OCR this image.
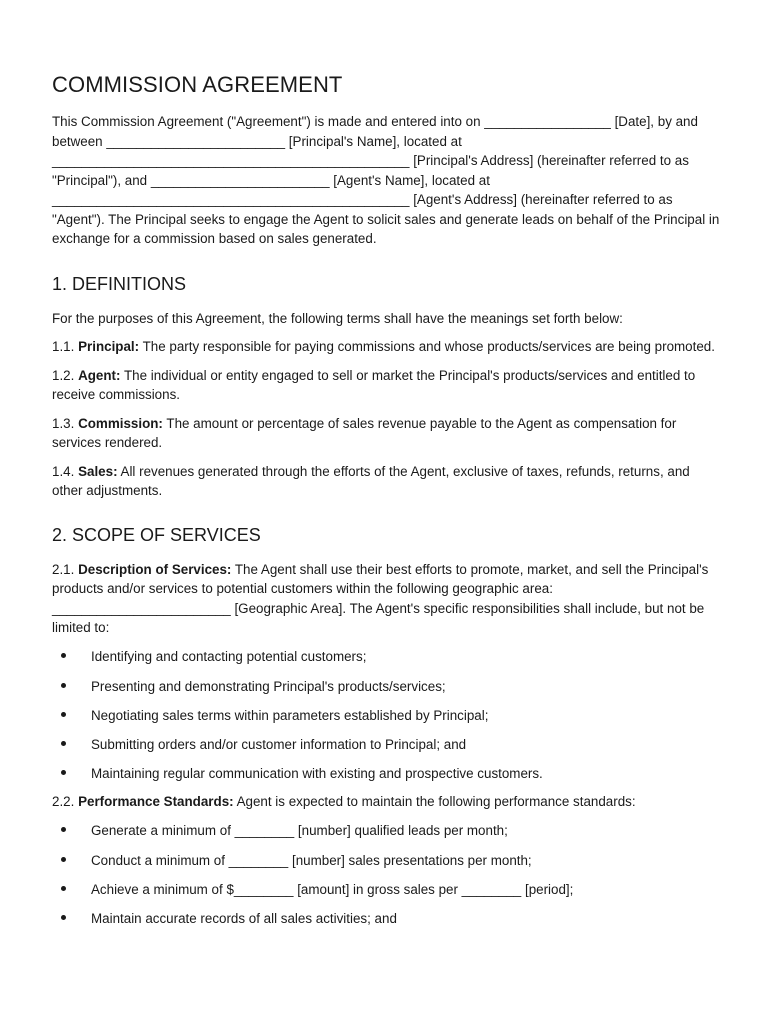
COMMISSION AGREEMENT

This Commission Agreement ("Agreement") is made and entered into on _________________ [Date], by and between ________________________ [Principal's Name], located at ________________________________________________ [Principal's Address] (hereinafter referred to as "Principal"), and ________________________ [Agent's Name], located at ________________________________________________ [Agent's Address] (hereinafter referred to as "Agent"). The Principal seeks to engage the Agent to solicit sales and generate leads on behalf of the Principal in exchange for a commission based on sales generated.

1. DEFINITIONS

For the purposes of this Agreement, the following terms shall have the meanings set forth below:

1.1. Principal: The party responsible for paying commissions and whose products/services are being promoted.

1.2. Agent: The individual or entity engaged to sell or market the Principal's products/services and entitled to receive commissions.

1.3. Commission: The amount or percentage of sales revenue payable to the Agent as compensation for services rendered.

1.4. Sales: All revenues generated through the efforts of the Agent, exclusive of taxes, refunds, returns, and other adjustments.

2. SCOPE OF SERVICES

2.1. Description of Services: The Agent shall use their best efforts to promote, market, and sell the Principal's products and/or services to potential customers within the following geographic area: ________________________ [Geographic Area]. The Agent's specific responsibilities shall include, but not be limited to:

Identifying and contacting potential customers;
Presenting and demonstrating Principal's products/services;
Negotiating sales terms within parameters established by Principal;
Submitting orders and/or customer information to Principal; and
Maintaining regular communication with existing and prospective customers.

2.2. Performance Standards: Agent is expected to maintain the following performance standards:

Generate a minimum of ________ [number] qualified leads per month;
Conduct a minimum of ________ [number] sales presentations per month;
Achieve a minimum of $________ [amount] in gross sales per ________ [period];
Maintain accurate records of all sales activities; and
